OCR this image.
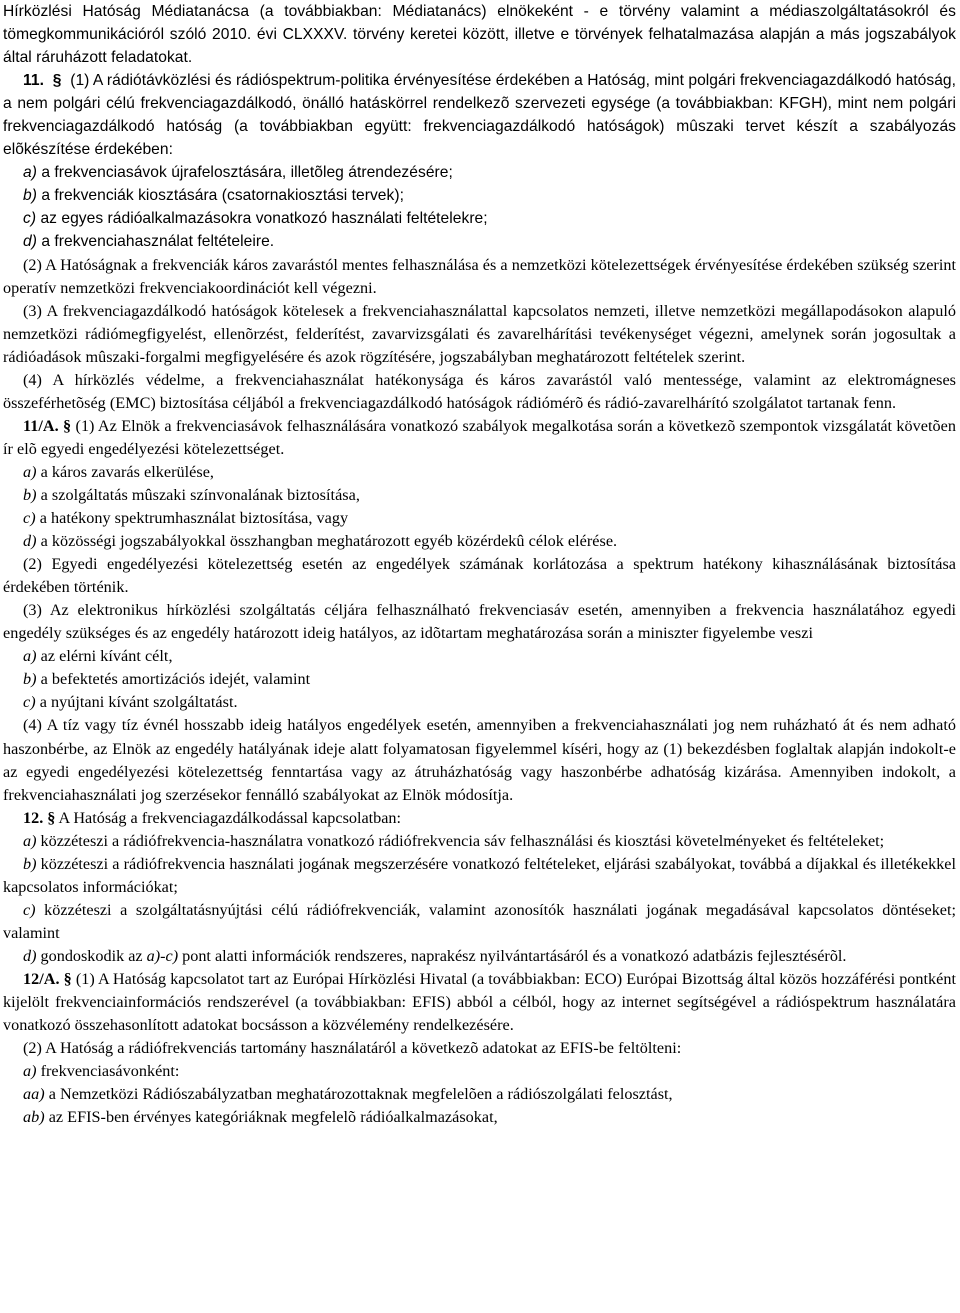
Hírközlési Hatóság Médiatanácsa (a továbbiakban: Médiatanács) elnökeként - e törvény valamint a médiaszolgáltatásokról és tömegkommunikációról szóló 2010. évi CLXXXV. törvény keretei között, illetve e törvények felhatalmazása alapján a más jogszabályok által ráruházott feladatokat.

11. § (1) A rádiótávközlési és rádióspektrum-politika érvényesítése érdekében a Hatóság, mint polgári frekvenciagazdálkodó hatóság, a nem polgári célú frekvenciagazdálkodó, önálló hatáskörrel rendelkezõ szervezeti egysége (a továbbiakban: KFGH), mint nem polgári frekvenciagazdálkodó hatóság (a továbbiakban együtt: frekvenciagazdálkodó hatóságok) mûszaki tervet készít a szabályozás elõkészítése érdekében:

a) a frekvenciasávok újrafelosztására, illetõleg átrendezésére;

b) a frekvenciák kiosztására (csatornakiosztási tervek);

c) az egyes rádióalkalmazásokra vonatkozó használati feltételekre;

d) a frekvenciahasználat feltételeire.

(2) A Hatóságnak a frekvenciák káros zavarástól mentes felhasználása és a nemzetközi kötelezettségek érvényesítése érdekében szükség szerint operatív nemzetközi frekvenciakoordinációt kell végezni.

(3) A frekvenciagazdálkodó hatóságok kötelesek a frekvenciahasználattal kapcsolatos nemzeti, illetve nemzetközi megállapodásokon alapuló nemzetközi rádiómegfigyelést, ellenõrzést, felderítést, zavarvizsgálati és zavarelhárítási tevékenységet végezni, amelynek során jogosultak a rádióadások mûszaki-forgalmi megfigyelésére és azok rögzítésére, jogszabályban meghatározott feltételek szerint.

(4) A hírközlés védelme, a frekvenciahasználat hatékonysága és káros zavarástól való mentessége, valamint az elektromágneses összeférhetõség (EMC) biztosítása céljából a frekvenciagazdálkodó hatóságok rádiómérõ és rádió-zavarelhárító szolgálatot tartanak fenn.

11/A. § (1) Az Elnök a frekvenciasávok felhasználására vonatkozó szabályok megalkotása során a következõ szempontok vizsgálatát követõen ír elõ egyedi engedélyezési kötelezettséget.

a) a káros zavarás elkerülése,

b) a szolgáltatás mûszaki színvonalának biztosítása,

c) a hatékony spektrumhasználat biztosítása, vagy

d) a közösségi jogszabályokkal összhangban meghatározott egyéb közérdekû célok elérése.

(2) Egyedi engedélyezési kötelezettség esetén az engedélyek számának korlátozása a spektrum hatékony kihasználásának biztosítása érdekében történik.

(3) Az elektronikus hírközlési szolgáltatás céljára felhasználható frekvenciasáv esetén, amennyiben a frekvencia használatához egyedi engedély szükséges és az engedély határozott ideig hatályos, az idõtartam meghatározása során a miniszter figyelembe veszi

a) az elérni kívánt célt,

b) a befektetés amortizációs idejét, valamint

c) a nyújtani kívánt szolgáltatást.

(4) A tíz vagy tíz évnél hosszabb ideig hatályos engedélyek esetén, amennyiben a frekvenciahasználati jog nem ruházható át és nem adható haszonbérbe, az Elnök az engedély hatályának ideje alatt folyamatosan figyelemmel kíséri, hogy az (1) bekezdésben foglaltak alapján indokolt-e az egyedi engedélyezési kötelezettség fenntartása vagy az átruházhatóság vagy haszonbérbe adhatóság kizárása. Amennyiben indokolt, a frekvenciahasználati jog szerzésekor fennálló szabályokat az Elnök módosítja.

12. § A Hatóság a frekvenciagazdálkodással kapcsolatban:

a) közzéteszi a rádiófrekvencia-használatra vonatkozó rádiófrekvencia sáv felhasználási és kiosztási követelményeket és feltételeket;

b) közzéteszi a rádiófrekvencia használati jogának megszerzésére vonatkozó feltételeket, eljárási szabályokat, továbbá a díjakkal és illetékekkel kapcsolatos információkat;

c) közzéteszi a szolgáltatásnyújtási célú rádiófrekvenciák, valamint azonosítók használati jogának megadásával kapcsolatos döntéseket; valamint

d) gondoskodik az a)-c) pont alatti információk rendszeres, naprakész nyilvántartásáról és a vonatkozó adatbázis fejlesztésérõl.

12/A. § (1) A Hatóság kapcsolatot tart az Európai Hírközlési Hivatal (a továbbiakban: ECO) Európai Bizottság által közös hozzáférési pontként kijelölt frekvenciainformációs rendszerével (a továbbiakban: EFIS) abból a célból, hogy az internet segítségével a rádióspektrum használatára vonatkozó összehasonlított adatokat bocsásson a közvélemény rendelkezésére.

(2) A Hatóság a rádiófrekvenciás tartomány használatáról a következõ adatokat az EFIS-be feltölteni:

a) frekvenciasávonként:

aa) a Nemzetközi Rádiószabályzatban meghatározottaknak megfelelõen a rádiószolgálati felosztást,

ab) az EFIS-ben érvényes kategóriáknak megfelelõ rádióalkalmazásokat,
